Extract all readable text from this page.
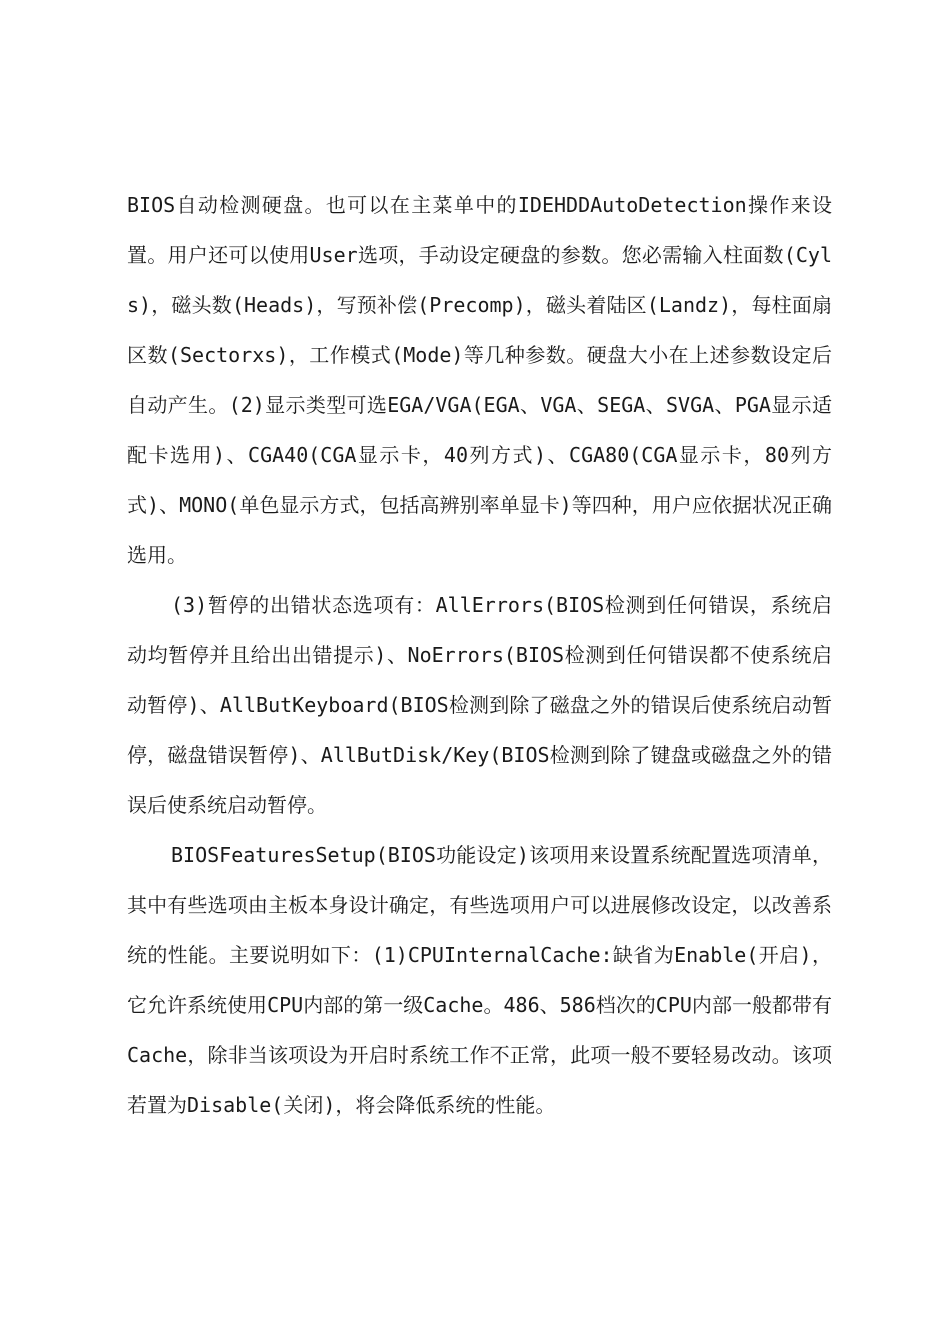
BIOS自动检测硬盘。也可以在主菜单中的IDEHDDAutoDetection操作来设置。用户还可以使用User选项，手动设定硬盘的参数。您必需输入柱面数(Cyls)，磁头数(Heads)，写预补偿(Precomp)，磁头着陆区(Landz)，每柱面扇区数(Sectorxs)，工作模式(Mode)等几种参数。硬盘大小在上述参数设定后自动产生。(2)显示类型可选EGA/VGA(EGA、VGA、SEGA、SVGA、PGA显示适配卡选用)、CGA40(CGA显示卡，40列方式)、CGA80(CGA显示卡，80列方式)、MONO(单色显示方式，包括高辨别率单显卡)等四种，用户应依据状况正确选用。

(3)暂停的出错状态选项有：AllErrors(BIOS检测到任何错误，系统启动均暂停并且给出出错提示)、NoErrors(BIOS检测到任何错误都不使系统启动暂停)、AllButKeyboard(BIOS检测到除了磁盘之外的错误后使系统启动暂停，磁盘错误暂停)、AllButDisk/Key(BIOS检测到除了键盘或磁盘之外的错误后使系统启动暂停。

BIOSFeaturesSetup(BIOS功能设定)该项用来设置系统配置选项清单，其中有些选项由主板本身设计确定，有些选项用户可以进展修改设定，以改善系统的性能。主要说明如下：(1)CPUInternalCache:缺省为Enable(开启)，它允许系统使用CPU内部的第一级Cache。486、586档次的CPU内部一般都带有Cache，除非当该项设为开启时系统工作不正常，此项一般不要轻易改动。该项若置为Disable(关闭)，将会降低系统的性能。
